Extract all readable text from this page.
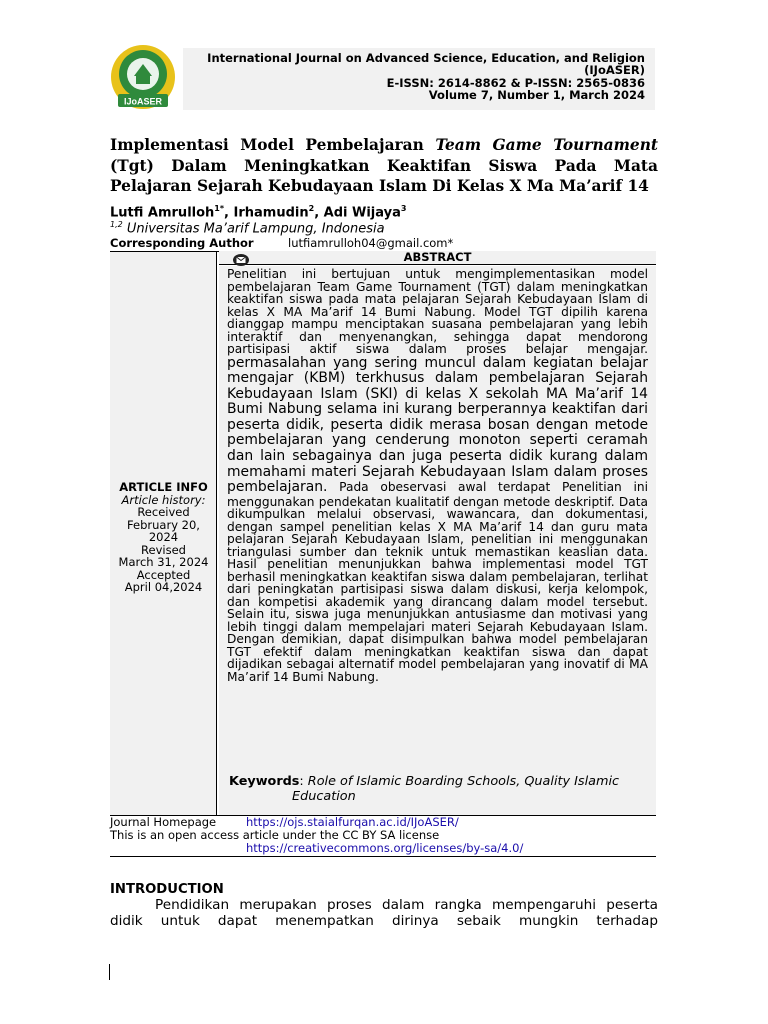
IJoASER
International Journal on Advanced Science, Education, and Religion
(IJoASER)
E-ISSN: 2614-8862 & P-ISSN: 2565-0836
Volume 7, Number 1, March 2024
Implementasi Model Pembelajaran Team Game Tournament (Tgt) Dalam Meningkatkan Keaktifan Siswa Pada Mata Pelajaran Sejarah Kebudayaan Islam Di Kelas X Ma Ma’arif 14
Lutfi Amrulloh$^{1*}$, Irhamudin$^2$, Adi Wijaya$^3$
$^{1,2}$ Universitas Ma’arif Lampung, Indonesia
Corresponding Author	lutfiamrulloh04@gmail.com*
ARTICLE INFO
Article history:
Received
February 20,
2024
Revised
March 31, 2024
Accepted
April 04,2024
ABSTRACT
Penelitian ini bertujuan untuk mengimplementasikan model pembelajaran Team Game Tournament (TGT) dalam meningkatkan keaktifan siswa pada mata pelajaran Sejarah Kebudayaan Islam di kelas X MA Ma’arif 14 Bumi Nabung. Model TGT dipilih karena dianggap mampu menciptakan suasana pembelajaran yang lebih interaktif dan menyenangkan, sehingga dapat mendorong partisipasi aktif siswa dalam proses belajar mengajar. permasalahan yang sering muncul dalam kegiatan belajar mengajar (KBM) terkhusus dalam pembelajaran Sejarah Kebudayaan Islam (SKI) di kelas X sekolah MA Ma’arif 14 Bumi Nabung selama ini kurang berperannya keaktifan dari peserta didik, peserta didik merasa bosan dengan metode pembelajaran yang cenderung monoton seperti ceramah dan lain sebagainya dan juga peserta didik kurang dalam memahami materi Sejarah Kebudayaan Islam dalam proses pembelajaran. Pada obeservasi awal terdapat Penelitian ini menggunakan pendekatan kualitatif dengan metode deskriptif. Data dikumpulkan melalui observasi, wawancara, dan dokumentasi, dengan sampel penelitian kelas X MA Ma’arif 14 dan guru mata pelajaran Sejarah Kebudayaan Islam, penelitian ini menggunakan triangulasi sumber dan teknik untuk memastikan keaslian data. Hasil penelitian menunjukkan bahwa implementasi model TGT berhasil meningkatkan keaktifan siswa dalam pembelajaran, terlihat dari peningkatan partisipasi siswa dalam diskusi, kerja kelompok, dan kompetisi akademik yang dirancang dalam model tersebut. Selain itu, siswa juga menunjukkan antusiasme dan motivasi yang lebih tinggi dalam mempelajari materi Sejarah Kebudayaan Islam. Dengan demikian, dapat disimpulkan bahwa model pembelajaran TGT efektif dalam meningkatkan keaktifan siswa dan dapat dijadikan sebagai alternatif model pembelajaran yang inovatif di MA Ma’arif 14 Bumi Nabung.
Keywords: Role of Islamic Boarding Schools, Quality Islamic
Education
Journal Homepage	https://ojs.staialfurqan.ac.id/IJoASER/
This is an open access article under the CC BY SA license
https://creativecommons.org/licenses/by-sa/4.0/
INTRODUCTION
Pendidikan merupakan proses dalam rangka mempengaruhi peserta didik untuk dapat menempatkan dirinya sebaik mungkin terhadap
